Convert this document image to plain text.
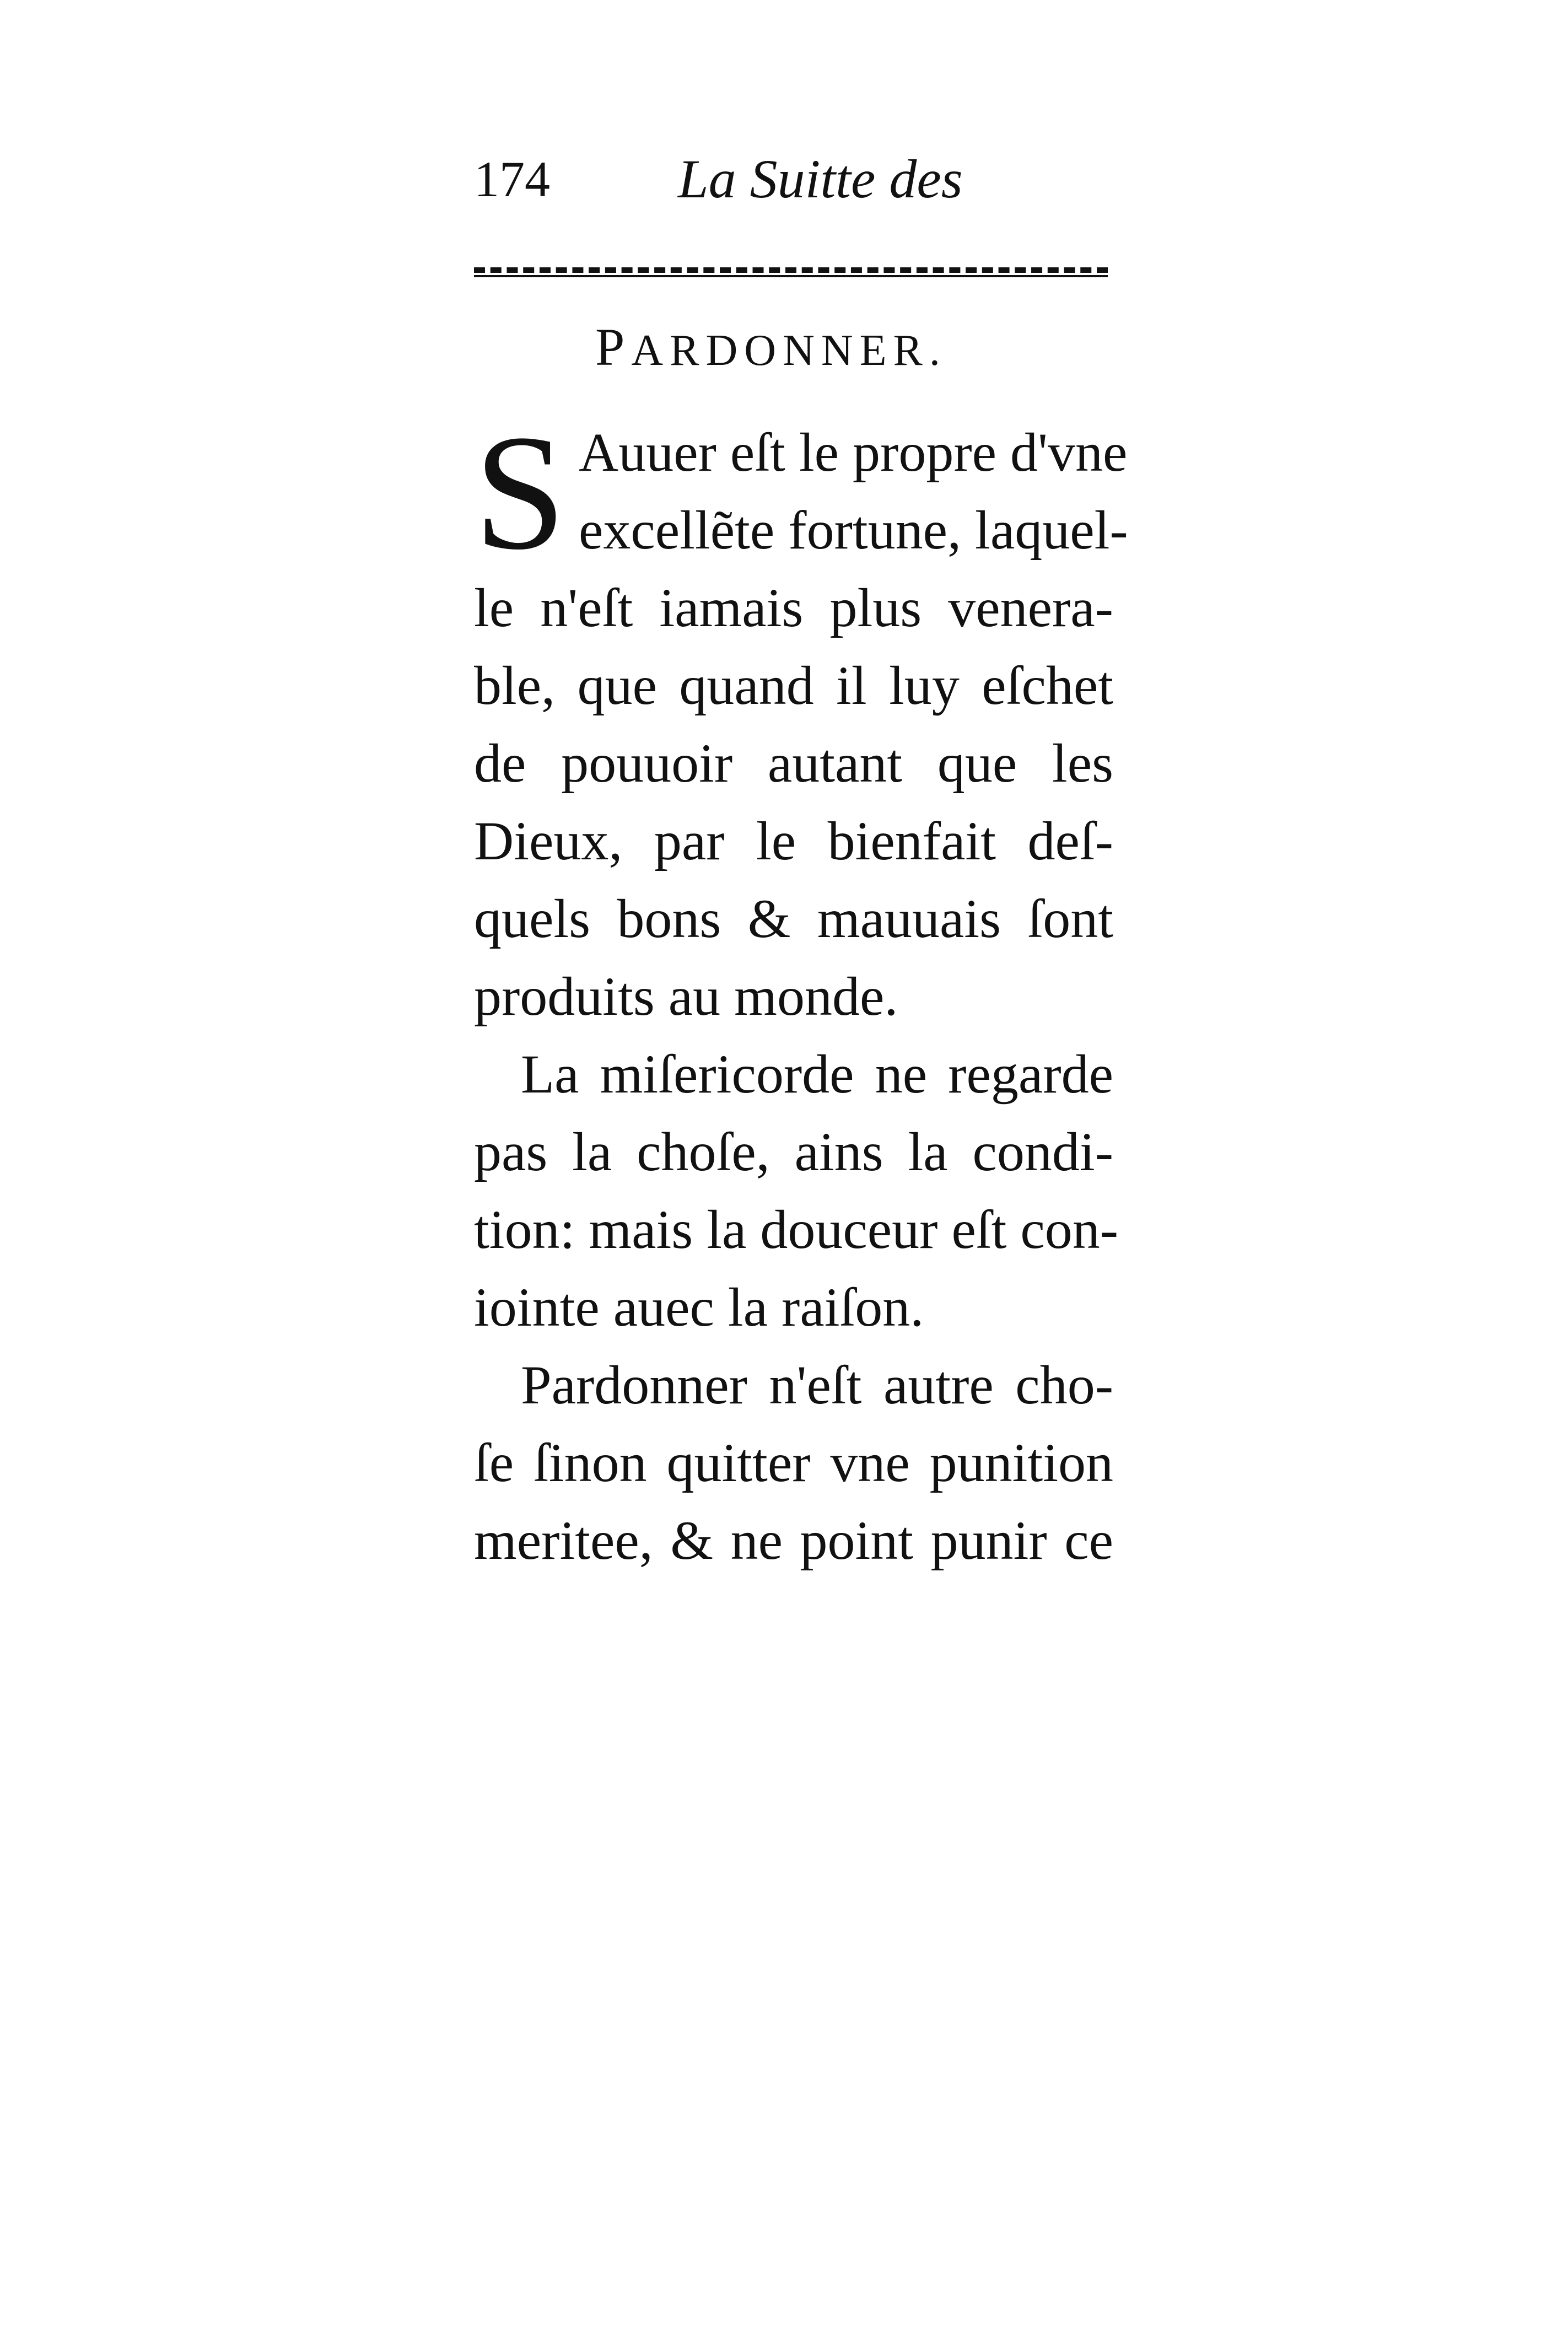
174 La Suitte des
PARDONNER.
S Auuer eſt le propre d'vne
excellẽte fortune, laquel-
le n'eſt iamais plus venera-
ble, que quand il luy eſchet
de pouuoir autant que les
Dieux, par le bienfait deſ-
quels bons & mauuais ſont
produits au monde.
La miſericorde ne regarde
pas la choſe, ains la condi-
tion: mais la douceur eſt con-
iointe auec la raiſon.
Pardonner n'eſt autre cho-
ſe ſinon quitter vne punition
meritee, & ne point punir ce
